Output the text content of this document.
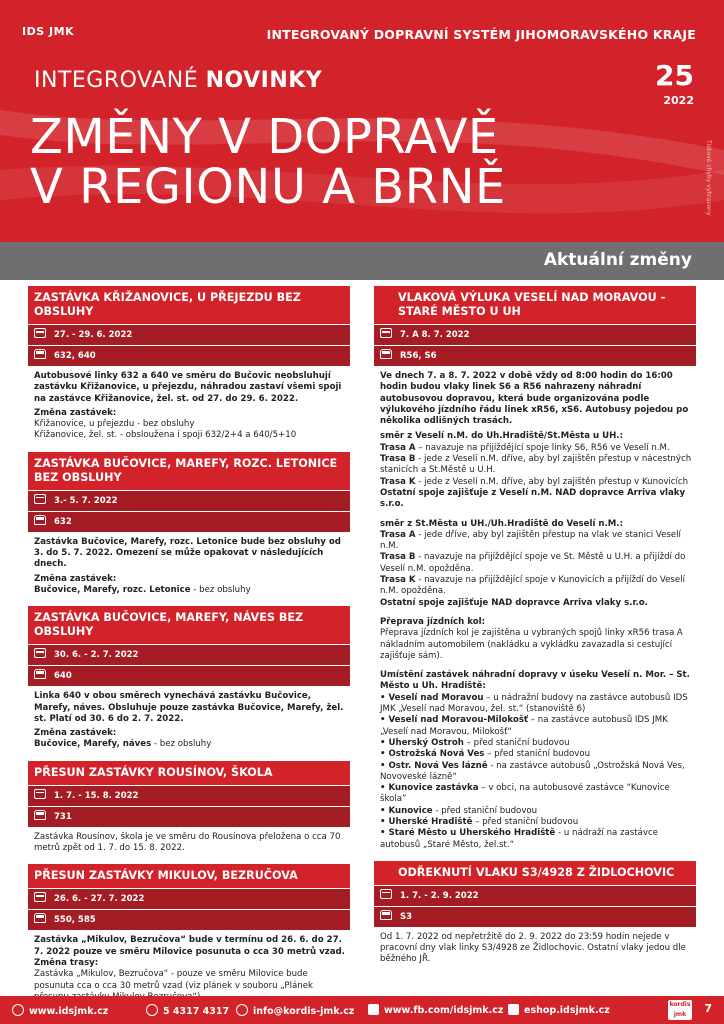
IDS JMK	INTEGROVANÝ DOPRAVNÍ SYSTÉM JIHOMORAVSKÉHO KRAJE
INTEGROVANÉ NOVINKY	25
2022
ZMĚNY V DOPRAVĚ
V REGIONU A BRNĚ	Tiskové chyby vyhrazeny
Aktuální změny
ZASTÁVKA KŘIŽANOVICE, U PŘEJEZDU BEZ OBSLUHY
27. - 29. 6. 2022
632, 640

Autobusové linky 632 a 640 ve směru do Bučovic neobsluhují zastávku Křižanovice, u přejezdu, náhradou zastaví všemi spoji na zastávce Křižanovice, žel. st. od 27. do 29. 6. 2022.

Změna zastávek:

Křižanovice, u přejezdu - bez obsluhy

Křižanovice, žel. st. - obsloužena i spoji 632/2+4 a 640/5+10

ZASTÁVKA BUČOVICE, MAREFY, ROZC. LETONICE BEZ OBSLUHY
3.- 5. 7. 2022
632

Zastávka Bučovice, Marefy, rozc. Letonice bude bez obsluhy od 3. do 5. 7. 2022. Omezení se může opakovat v následujících dnech.

Změna zastávek:

Bučovice, Marefy, rozc. Letonice - bez obsluhy

ZASTÁVKA BUČOVICE, MAREFY, NÁVES BEZ OBSLUHY
30. 6. - 2. 7. 2022
640

Linka 640 v obou směrech vynechává zastávku Bučovice, Marefy, náves. Obsluhuje pouze zastávka Bučovice, Marefy, žel. st. Platí od 30. 6 do 2. 7. 2022.

Změna zastávek:

Bučovice, Marefy, náves - bez obsluhy

PŘESUN ZASTÁVKY ROUSÍNOV, ŠKOLA
1. 7. - 15. 8. 2022
731

Zastávka Rousínov, škola je ve směru do Rousínova přeložena o cca 70 metrů zpět od 1. 7. do 15. 8. 2022.

PŘESUN ZASTÁVKY MIKULOV, BEZRUČOVA
26. 6. - 27. 7. 2022
550, 585

Zastávka „Mikulov, Bezručova“ bude v termínu od 26. 6. do 27. 7. 2022 pouze ve směru Milovice posunuta o cca 30 metrů vzad.

Změna trasy:

Zastávka „Mikulov, Bezručova“ - pouze ve směru Milovice bude posunuta cca o cca 30 metrů vzad (viz plánek v souboru „Plánek

VLAKOVÁ VÝLUKA VESELÍ NAD MORAVOU - STARÉ MĚSTO U UH
7. A 8. 7. 2022
R56, S6

Ve dnech 7. a 8. 7. 2022 v době vždy od 8:00 hodin do 16:00 hodin budou vlaky linek S6 a R56 nahrazeny náhradní autobusovou dopravou, která bude organizována podle výlukového jízdního řádu linek xR56, xS6. Autobusy pojedou po několika odlišných trasách.

směr z Veselí n.M. do Uh.Hradiště/St.Města u UH.:

Trasa A – navazuje na přijíždějící spoje linky S6, R56 ve Veselí n.M.

Trasa B - jede z Veselí n.M. dříve, aby byl zajištěn přestup v nácestných stanicích a St.Městě u U.H.

Trasa K - jede z Veselí n.M. dříve, aby byl zajištěn přestup v Kunovicích

Ostatní spoje zajišťuje z Veselí n.M. NAD dopravce Arriva vlaky s.r.o.

směr z St.Města u UH./Uh.Hradiště do Veselí n.M.:

Trasa A - jede dříve, aby byl zajištěn přestup na vlak ve stanici Veselí n.M.

Trasa B - navazuje na přijíždějící spoje ve St. Městě u U.H. a přijíždí do Veselí n.M. opožděna.

Trasa K - navazuje na přijíždějící spoje v Kunovicích a přijíždí do Veselí n.M. opožděna.

Ostatní spoje zajišťuje NAD dopravce Arriva vlaky s.r.o.

Přeprava jízdních kol:

Přeprava jízdních kol je zajištěna u vybraných spojů linky xR56 trasa A nákladním automobilem (nakládku a vykládku zavazadla si cestující zajišťuje sám).

Umístění zastávek náhradní dopravy v úseku Veselí n. Mor. – St. Město u Uh. Hradiště:

• Veselí nad Moravou – u nádražní budovy na zastávce autobusů IDS JMK „Veselí nad Moravou, žel. st.“ (stanoviště 6)

• Veselí nad Moravou-Milokošť – na zastávce autobusů IDS JMK „Veselí nad Moravou, Milokošť“

• Uherský Ostroh – před staniční budovou

• Ostrožská Nová Ves – před staniční budovou

• Ostr. Nová Ves lázně - na zastávce autobusů „Ostrožská Nová Ves, Novoveské lázně“

• Kunovice zastávka – v obci, na autobusové zastávce “Kunovice škola”

• Kunovice - před staniční budovou

• Uherské Hradiště – před staniční budovou

• Staré Město u Uherského Hradiště - u nádraží na zastávce autobusů „Staré Město, žel.st.“

ODŘEKNUTÍ VLAKU S3/4928 Z ŽIDLOCHOVIC
1. 7. - 2. 9. 2022
S3

Od 1. 7. 2022 od nepřetržitě do 2. 9. 2022 do 23:59 hodin nejede v pracovní dny vlak linky S3/4928 ze Židlochovic. Ostatní vlaky jedou dle běžného JŘ.

www.idsjmk.cz	5 4317 4317	info@kordis-jmk.cz	www.fb.com/idsjmk.cz	eshop.idsjmk.cz
kordis jmk	7
